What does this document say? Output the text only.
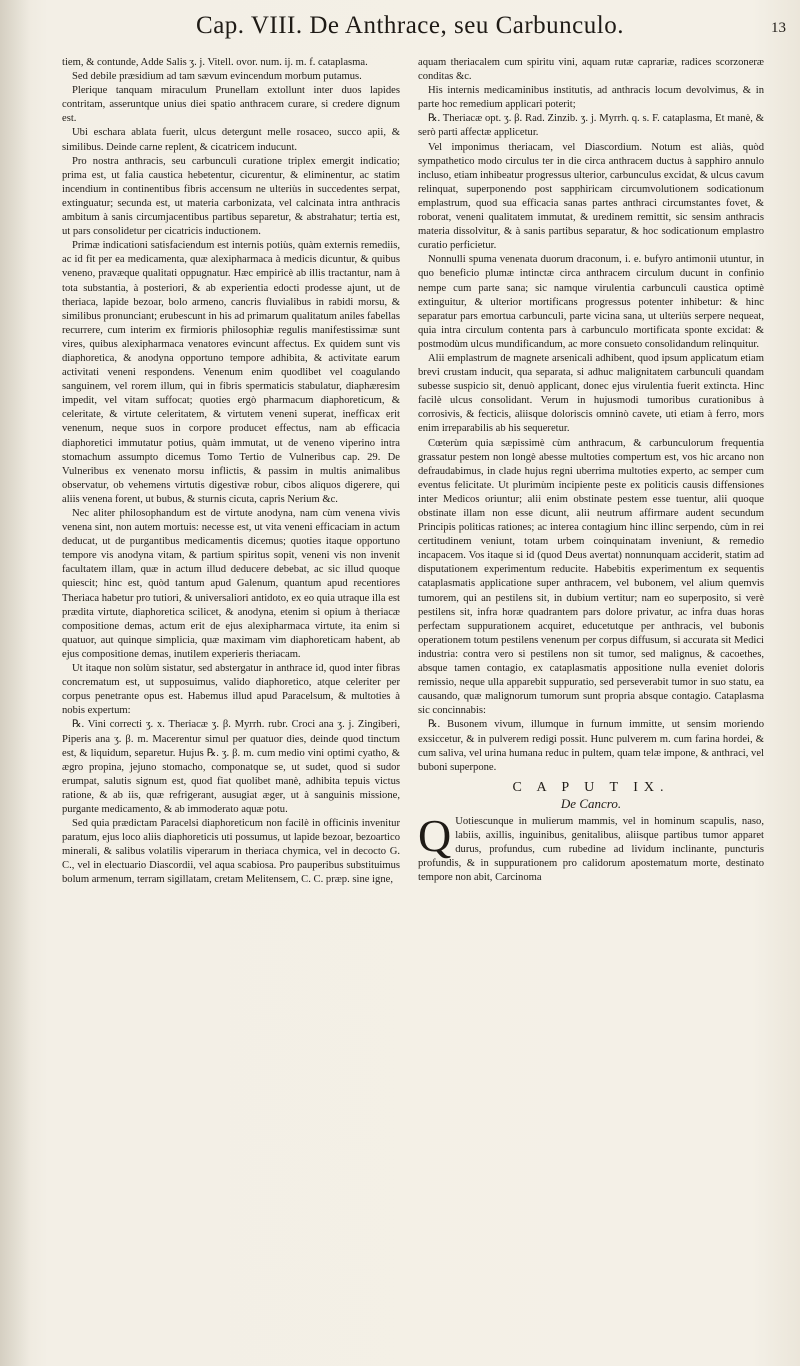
Cap. VIII. De Anthrace, seu Carbunculo.	13

tiem, & contunde, Adde Salis ʒ. j. Vitell. ovor. num. ij. m. f. cataplasma.

Sed debile præsidium ad tam sævum evincendum morbum putamus.

Plerique tanquam miraculum Prunellam extollunt inter duos lapides contritam, asseruntque unius diei spatio anthracem curare, si credere dignum est.

Ubi eschara ablata fuerit, ulcus detergunt melle rosaceo, succo apii, & similibus. Deinde carne replent, & cicatricem inducunt.

Pro nostra anthracis, seu carbunculi curatione triplex emergit indicatio; prima est, ut falia caustica hebetentur, cicurentur, & eliminentur, ac statim incendium in continentibus fibris accensum ne ulteriùs in succedentes serpat, extinguatur; secunda est, ut materia carbonizata, vel calcinata intra anthracis ambitum à sanis circumjacentibus partibus separetur, & abstrahatur; tertia est, ut pars consolidetur per cicatricis inductionem.

Primæ indicationi satisfaciendum est internis potiùs, quàm externis remediis, ac id fit per ea medicamenta, quæ alexipharmaca à medicis dicuntur, & quibus veneno, pravæque qualitati oppugnatur. Hæc empiricè ab illis tractantur, nam à tota substantia, à posteriori, & ab experientia edocti prodesse ajunt, ut de theriaca, lapide bezoar, bolo armeno, cancris fluvialibus in rabidi morsu, & similibus pronunciant; erubescunt in his ad primarum qualitatum aniles fabellas recurrere, cum interim ex firmioris philosophiæ regulis manifestissimæ sunt vires, quibus alexipharmaca venatores evincunt affectus. Ex quidem sunt vis diaphoretica, & anodyna opportuno tempore adhibita, & activitate earum activitati veneni respondens. Venenum enim quodlibet vel coagulando sanguinem, vel rorem illum, qui in fibris spermaticis stabulatur, diaphæresim impedit, vel vitam suffocat; quoties ergò pharmacum diaphoreticum, & celeritate, & virtute celeritatem, & virtutem veneni superat, inefficax erit venenum, neque suos in corpore producet effectus, nam ab efficacia diaphoretici immutatur potius, quàm immutat, ut de veneno viperino intra stomachum assumpto dicemus Tomo Tertio de Vulneribus cap. 29. De Vulneribus ex venenato morsu inflictis, & passim in multis animalibus observatur, ob vehemens virtutis digestivæ robur, cibos aliquos digerere, qui aliis venena forent, ut bubus, & sturnis cicuta, capris Nerium &c.

Nec aliter philosophandum est de virtute anodyna, nam cùm venena vivis venena sint, non autem mortuis: necesse est, ut vita veneni efficaciam in actum deducat, ut de purgantibus medicamentis dicemus; quoties itaque opportuno tempore vis anodyna vitam, & partium spiritus sopit, veneni vis non invenit facultatem illam, quæ in actum illud deducere debebat, ac sic illud quoque quiescit; hinc est, quòd tantum apud Galenum, quantum apud recentiores Theriaca habetur pro tutiori, & universaliori antidoto, ex eo quia utraque illa est prædita virtute, diaphoretica scilicet, & anodyna, etenim si opium à theriacæ compositione demas, actum erit de ejus alexipharmaca virtute, ita enim si quatuor, aut quinque simplicia, quæ maximam vim diaphoreticam habent, ab ejus compositione demas, inutilem experieris theriacam.

Ut itaque non solùm sistatur, sed abstergatur in anthrace id, quod inter fibras concrematum est, ut supposuimus, valido diaphoretico, atque celeriter per corpus penetrante opus est. Habemus illud apud Paracelsum, & multoties à nobis expertum:

℞. Vini correcti ʒ. x. Theriacæ ʒ. β. Myrrh. rubr. Croci ana ʒ. j. Zingiberi, Piperis ana ʒ. β. m. Macerentur simul per quatuor dies, deinde quod tinctum est, & liquidum, separetur. Hujus ℞. ʒ. β. m. cum medio vini optimi cyatho, & ægro propina, jejuno stomacho, componatque se, ut sudet, quod si sudor erumpat, salutis signum est, quod fiat quolibet manè, adhibita tepuis victus ratione, & ab iis, quæ refrigerant, ausugiat æger, ut à sanguinis missione, purgante medicamento, & ab immoderato aquæ potu.

Sed quia prædictam Paracelsi diaphoreticum non facilè in officinis invenitur paratum, ejus loco aliis diaphoreticis uti possumus, ut lapide bezoar, bezoartico minerali, & salibus volatilis viperarum in theriaca chymica, vel in decocto G. C., vel in electuario Diascordii, vel aqua scabiosa. Pro pauperibus substituimus bolum armenum, terram sigillatam, cretam Melitensem, C. C. præp. sine igne,

aquam theriacalem cum spiritu vini, aquam rutæ caprariæ, radices scorzoneræ conditas &c.

His internis medicaminibus institutis, ad anthracis locum devolvimus, & in parte hoc remedium applicari poterit;

℞. Theriacæ opt. ʒ. β. Rad. Zinzib. ʒ. j. Myrrh. q. s. F. cataplasma, Et manè, & serò parti affectæ applicetur.

Vel imponimus theriacam, vel Diascordium. Notum est aliàs, quòd sympathetico modo circulus ter in die circa anthracem ductus à sapphiro annulo incluso, etiam inhibeatur progressus ulterior, carbunculus excidat, & ulcus cavum relinquat, superponendo post sapphiricam circumvolutionem sodicationum emplastrum, quod sua efficacia sanas partes anthraci circumstantes fovet, & roborat, veneni qualitatem immutat, & uredinem remittit, sic sensim anthracis materia dissolvitur, & à sanis partibus separatur, & hoc sodicationum emplastro curatio perficietur.

Nonnulli spuma venenata duorum draconum, i. e. bufyro antimonii utuntur, in quo beneficio plumæ intinctæ circa anthracem circulum ducunt in confinio nempe cum parte sana; sic namque virulentia carbunculi caustica optimè extinguitur, & ulterior mortificans progressus potenter inhibetur: & hinc separatur pars emortua carbunculi, parte vicina sana, ut ulteriùs serpere nequeat, quia intra circulum contenta pars à carbunculo mortificata sponte excidat: & postmodùm ulcus mundificandum, ac more consueto consolidandum relinquitur.

Alii emplastrum de magnete arsenicali adhibent, quod ipsum applicatum etiam brevi crustam inducit, qua separata, si adhuc malignitatem carbunculi quandam subesse suspicio sit, denuò applicant, donec ejus virulentia fuerit extincta. Hinc facilè ulcus consolidant. Verum in hujusmodi tumoribus curationibus à corrosivis, & fecticis, aliisque doloriscis omninò cavete, uti etiam à ferro, mors enim irreparabilis ab his sequeretur.

Cœterùm quia sæpissimè cùm anthracum, & carbunculorum frequentia grassatur pestem non longè abesse multoties compertum est, vos hic arcano non defraudabimus, in clade hujus regni uberrima multoties experto, ac semper cum eventus felicitate. Ut plurimùm incipiente peste ex politicis causis diffensiones inter Medicos oriuntur; alii enim obstinate pestem esse tuentur, alii quoque obstinate illam non esse dicunt, alii neutrum affirmare audent secundum Principis politicas rationes; ac interea contagium hinc illinc serpendo, cùm in rei certitudinem veniunt, totam urbem coinquinatam inveniunt, & remedio incapacem. Vos itaque si id (quod Deus avertat) nonnunquam acciderit, statim ad disputationem experimentum reducite. Habebitis experimentum ex sequentis cataplasmatis applicatione super anthracem, vel bubonem, vel alium quemvis tumorem, qui an pestilens sit, in dubium vertitur; nam eo superposito, si verè pestilens sit, infra horæ quadrantem pars dolore privatur, ac infra duas horas perfectam suppurationem acquiret, educetutque per anthracis, vel bubonis operationem totum pestilens venenum per corpus diffusum, si accurata sit Medici industria: contra vero si pestilens non sit tumor, sed malignus, & cacoethes, absque tamen contagio, ex cataplasmatis appositione nulla eveniet doloris remissio, neque ulla apparebit suppuratio, sed perseverabit tumor in suo statu, ea causando, quæ malignorum tumorum sunt propria absque contagio. Cataplasma sic concinnabis:

℞. Busonem vivum, illumque in furnum immitte, ut sensim moriendo exsiccetur, & in pulverem redigi possit. Hunc pulverem m. cum farina hordei, & cum saliva, vel urina humana reduc in pultem, quam telæ impone, & anthraci, vel buboni superpone.

C A P U T IX.
De Cancro.

Q Uotiescunque in mulierum mammis, vel in hominum scapulis, naso, labiis, axillis, inguinibus, genitalibus, aliisque partibus tumor apparet durus, profundus, cum rubedine ad lividum inclinante, puncturis profundis, & in suppurationem pro calidorum apostematum morte, destinato tempore non abit, Carcinoma
